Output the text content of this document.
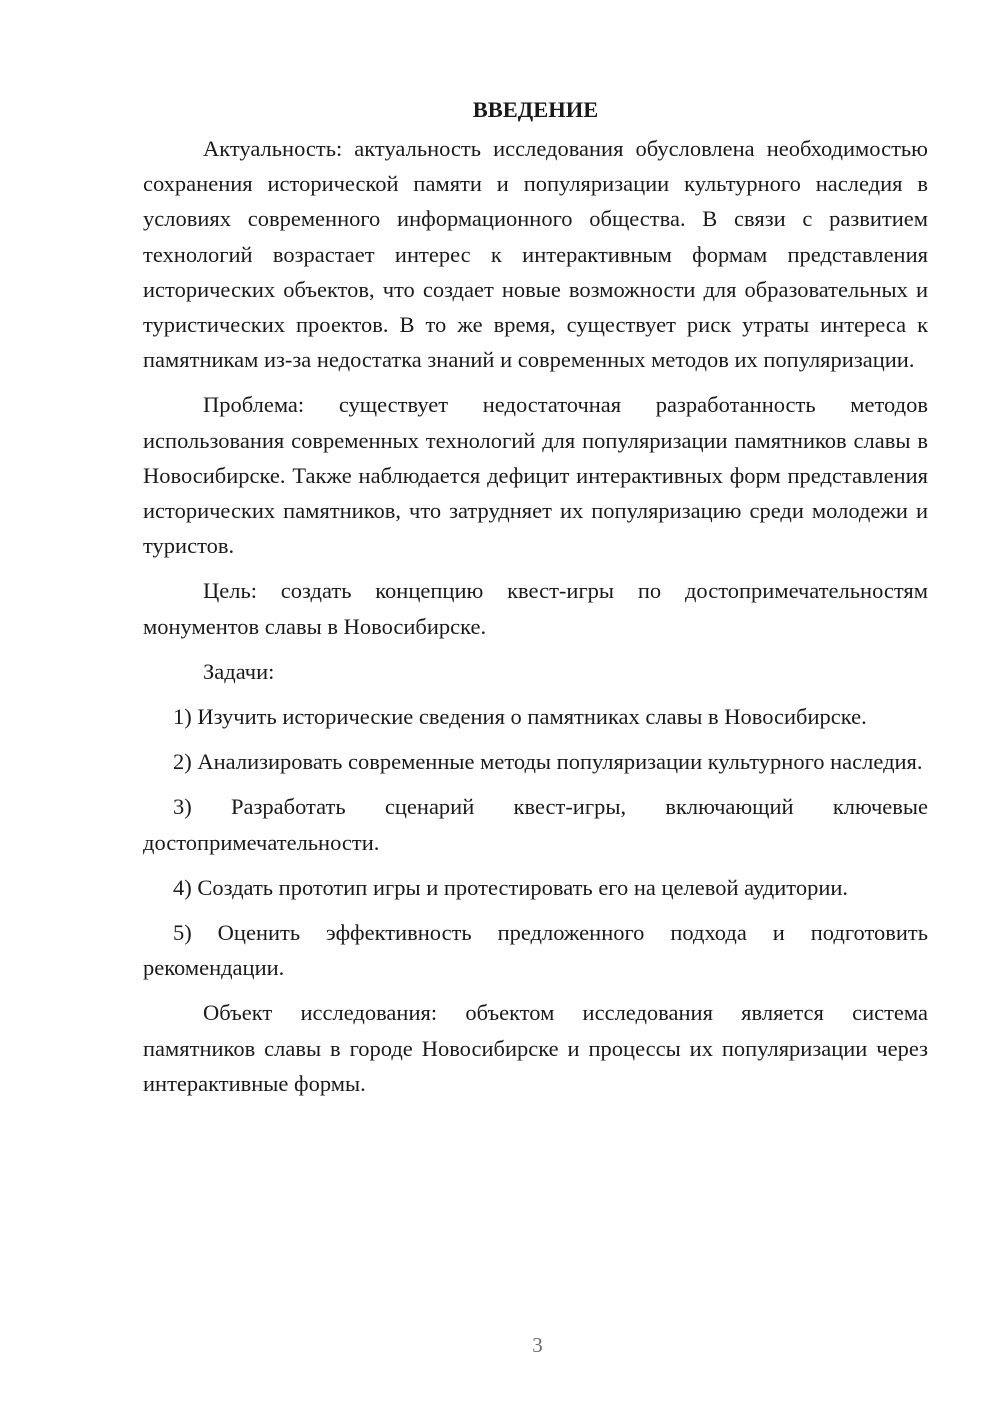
ВВЕДЕНИЕ

Актуальность: актуальность исследования обусловлена необходимостью сохранения исторической памяти и популяризации культурного наследия в условиях современного информационного общества. В связи с развитием технологий возрастает интерес к интерактивным формам представления исторических объектов, что создает новые возможности для образовательных и туристических проектов. В то же время, существует риск утраты интереса к памятникам из-за недостатка знаний и современных методов их популяризации.

Проблема: существует недостаточная разработанность методов использования современных технологий для популяризации памятников славы в Новосибирске. Также наблюдается дефицит интерактивных форм представления исторических памятников, что затрудняет их популяризацию среди молодежи и туристов.

Цель: создать концепцию квест-игры по достопримечательностям монументов славы в Новосибирске.

Задачи:

1) Изучить исторические сведения о памятниках славы в Новосибирске.

2) Анализировать современные методы популяризации культурного наследия.

3) Разработать сценарий квест-игры, включающий ключевые достопримечательности.

4) Создать прототип игры и протестировать его на целевой аудитории.

5) Оценить эффективность предложенного подхода и подготовить рекомендации.

Объект исследования: объектом исследования является система памятников славы в городе Новосибирске и процессы их популяризации через интерактивные формы.

3
